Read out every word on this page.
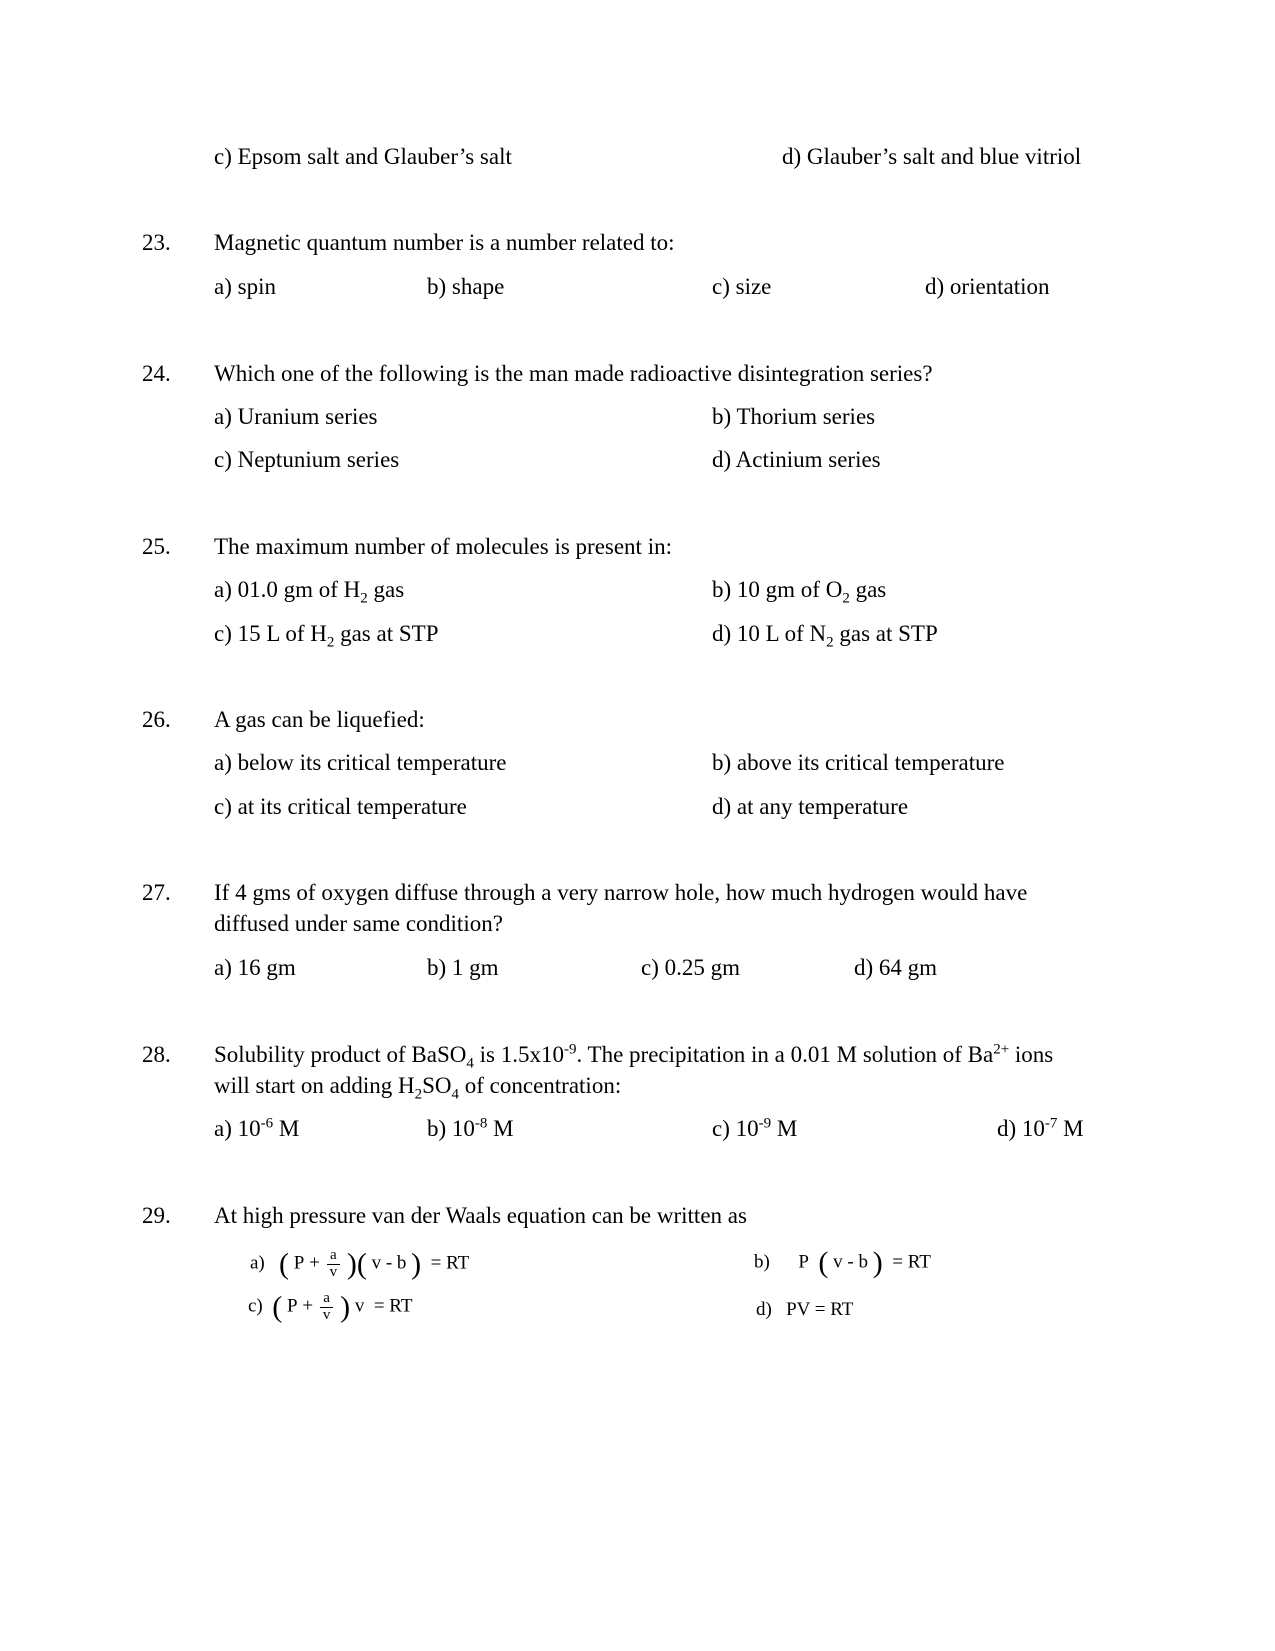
c) Epsom salt and Glauber’s salt	d) Glauber’s salt and blue vitriol
23. Magnetic quantum number is a number related to:
a) spin	b) shape	c) size	d) orientation
24. Which one of the following is the man made radioactive disintegration series?
a) Uranium series	b) Thorium series
c) Neptunium series	d) Actinium series
25. The maximum number of molecules is present in:
a) 01.0 gm of $H_2$ gas	b) 10 gm of $O_2$ gas
c) 15 L of $H_2$ gas at STP	d) 10 L of $N_2$ gas at STP
26. A gas can be liquefied:
a) below its critical temperature	b) above its critical temperature
c) at its critical temperature	d) at any temperature
27. If 4 gms of oxygen diffuse through a very narrow hole, how much hydrogen would have
diffused under same condition?
a) 16 gm	b) 1 gm	c) 0.25 gm	d) 64 gm
28. Solubility product of BaSO$_4$ is $1.5x10^{-9}$. The precipitation in a 0.01 M solution of $Ba^{2+}$ ions
will start on adding $H_2SO_4$ of concentration:
a) $10^{-6}$ M	b) $10^{-8}$ M	c) $10^{-9}$ M	d) $10^{-7}$ M
29. At high pressure van der Waals equation can be written as
a) ( $P + \frac{a}{v}$ )( v - b ) = RT	b) P ( v - b ) = RT
c) ( $P + \frac{a}{v}$ ) v = RT	d) PV = RT
